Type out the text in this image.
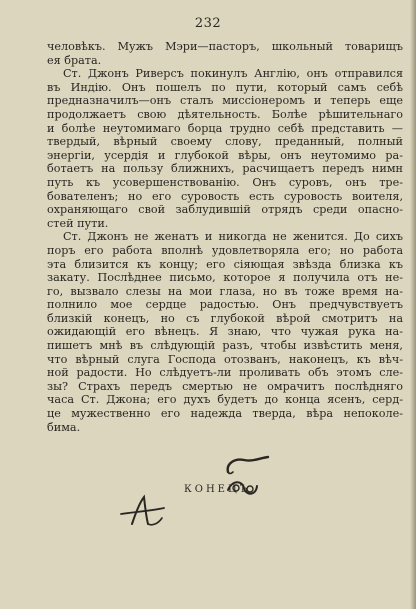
232
человѣкъ. Мужъ Мэри—пасторъ, школьный товарищъ
ея брата.
Ст. Джонъ Риверсъ покинулъ Англію, онъ отправился
въ Индію. Онъ пошелъ по пути, который самъ себѣ
предназначилъ—онъ сталъ миссіонеромъ и теперь еще
продолжаетъ свою дѣятельность. Болѣе рѣшительнаго
и болѣе неутомимаго борца трудно себѣ представить —
твердый, вѣрный своему слову, преданный, полный
энергіи, усердія и глубокой вѣры, онъ неутомимо ра-
ботаетъ на пользу ближнихъ, расчищаетъ передъ нимн
путь къ усовершенствованію. Онъ суровъ, онъ тре-
бователенъ; но его суровость есть суровость воителя,
охраняющаго свой заблудившій отрядъ среди опасно-
стей пути.
Ст. Джонъ не женатъ и никогда не женится. До сихъ
поръ его работа вполнѣ удовлетворяла его; но работа
эта близится къ концу; его сіяющая звѣзда близка къ
закату. Послѣднее письмо, которое я получила отъ не-
го, вызвало слезы на мои глаза, но въ тоже время на-
полнило мое сердце радостью. Онъ предчувствуетъ
близкій конецъ, но съ глубокой вѣрой смотритъ на
ожидающій его вѣнецъ. Я знаю, что чужая рука на-
пишетъ мнѣ въ слѣдующій разъ, чтобы извѣстить меня,
что вѣрный слуга Господа отозванъ, наконецъ, къ вѣч-
ной радости. Но слѣдуетъ-ли проливать объ этомъ сле-
зы? Страхъ передъ смертью не омрачитъ послѣдняго
часа Ст. Джона; его духъ будетъ до конца ясенъ, серд-
це мужественно его надежда тверда, вѣра непоколе-
бима.
КОНЕЦЪ
